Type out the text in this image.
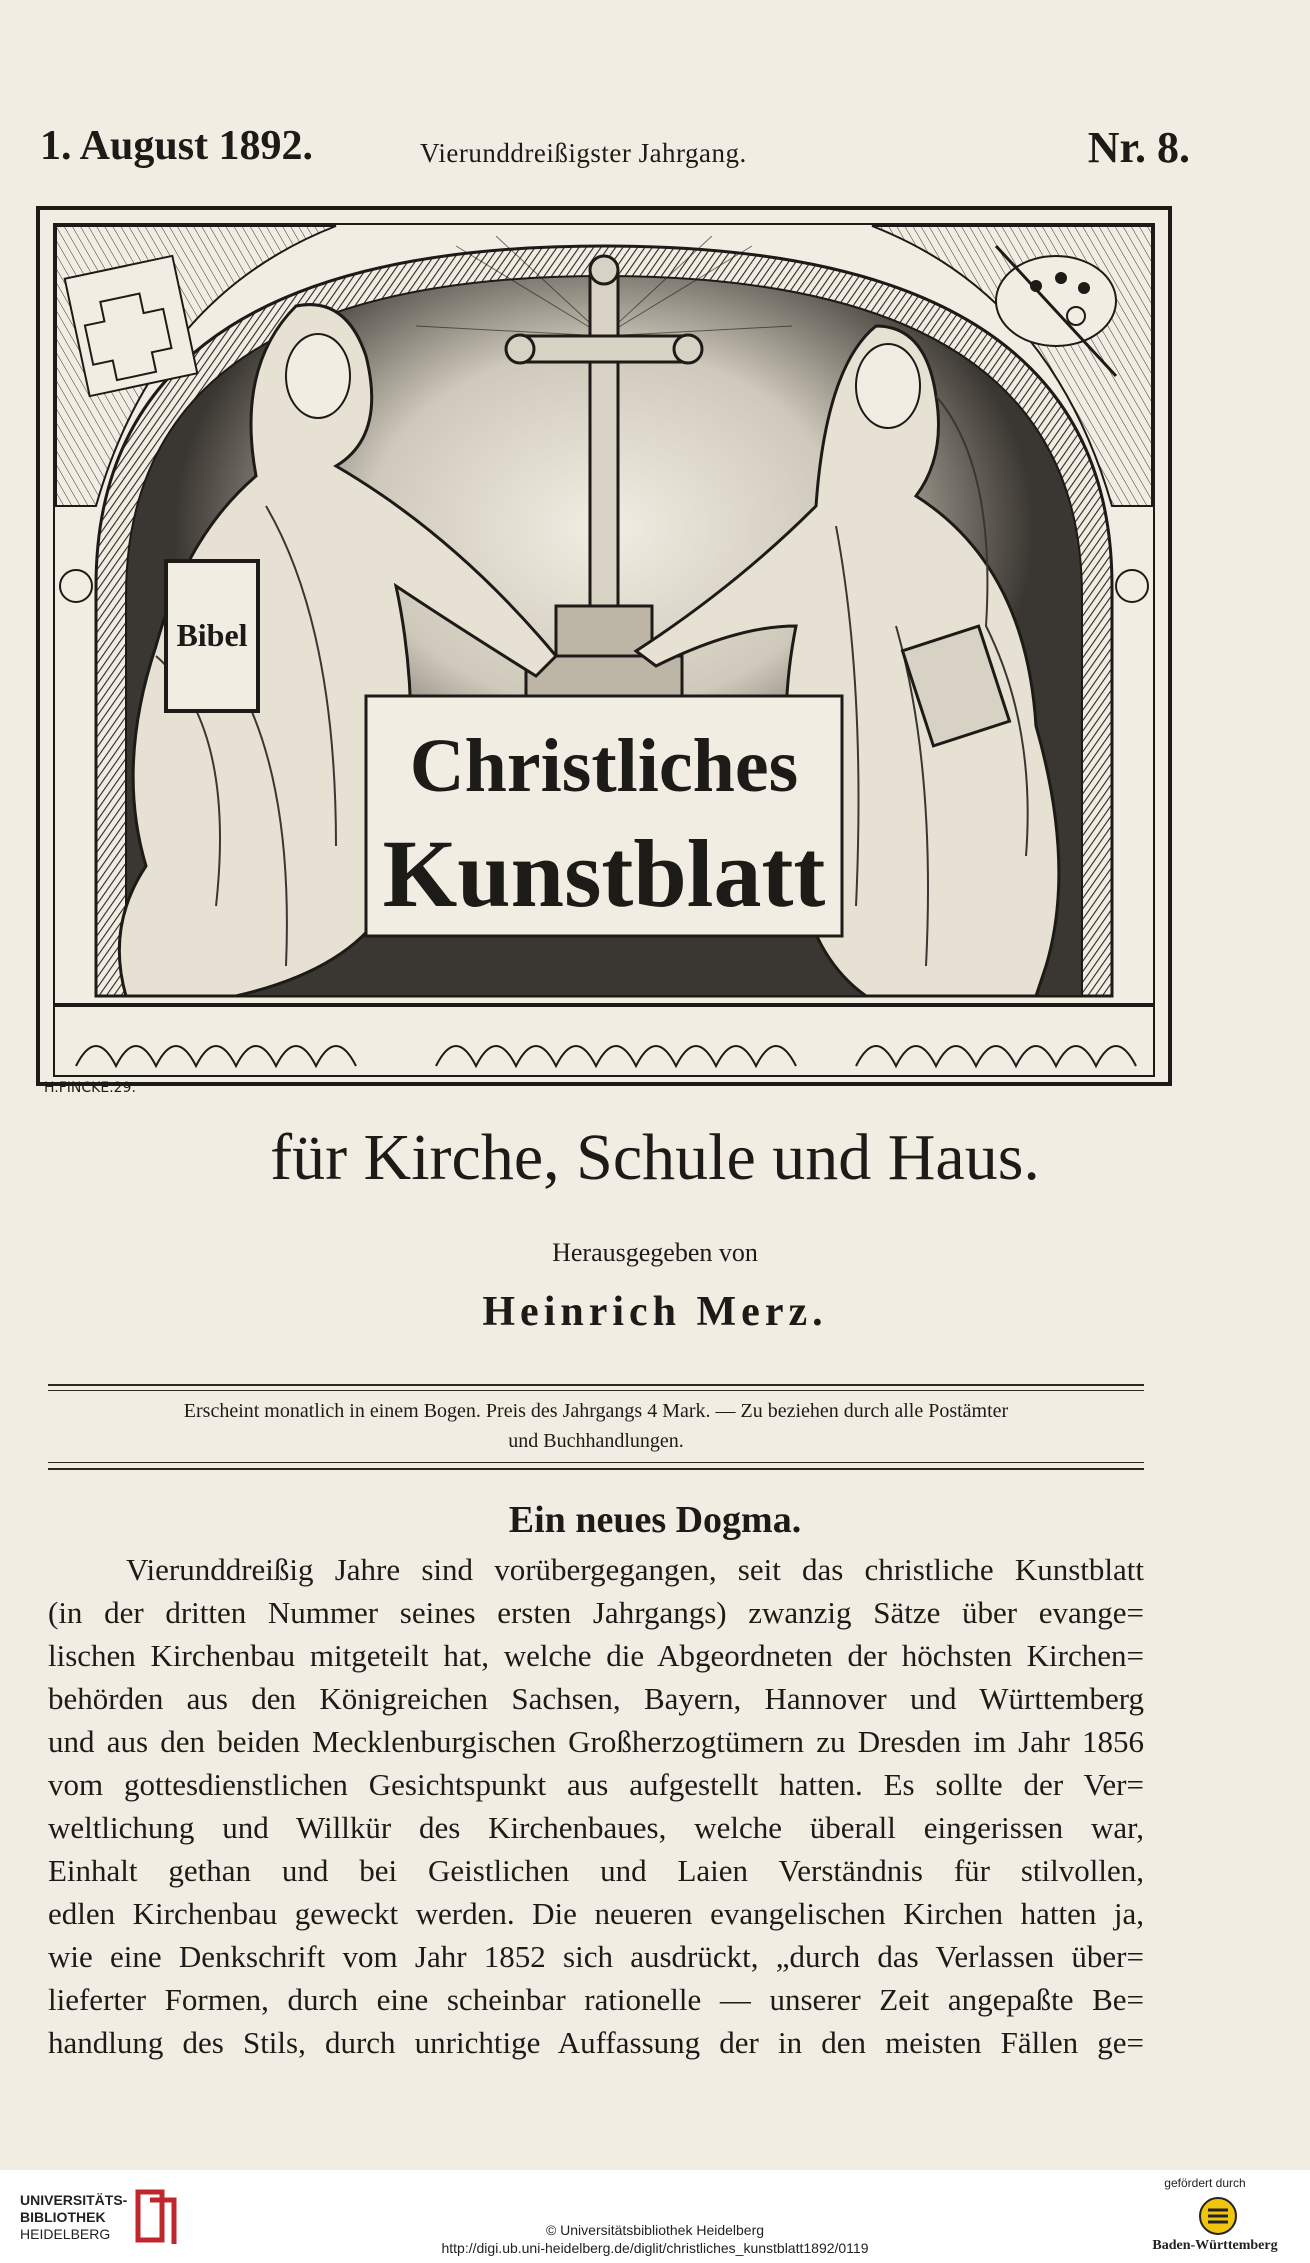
1. August 1892.	Vierunddreißigster Jahrgang.	Nr. 8.
Bibel
Christliches
Kunstblatt
H.FINCKE.29.
für Kirche, Schule und Haus.
Herausgegeben von
Heinrich Merz.
Erscheint monatlich in einem Bogen. Preis des Jahrgangs 4 Mark. — Zu beziehen durch alle Postämter
und Buchhandlungen.
Ein neues Dogma.
Vierunddreißig Jahre sind vorübergegangen, seit das christliche Kunstblatt
(in der dritten Nummer seines ersten Jahrgangs) zwanzig Sätze über evange=
lischen Kirchenbau mitgeteilt hat, welche die Abgeordneten der höchsten Kirchen=
behörden aus den Königreichen Sachsen, Bayern, Hannover und Württemberg
und aus den beiden Mecklenburgischen Großherzogtümern zu Dresden im Jahr 1856
vom gottesdienstlichen Gesichtspunkt aus aufgestellt hatten. Es sollte der Ver=
weltlichung und Willkür des Kirchenbaues, welche überall eingerissen war,
Einhalt gethan und bei Geistlichen und Laien Verständnis für stilvollen,
edlen Kirchenbau geweckt werden. Die neueren evangelischen Kirchen hatten ja,
wie eine Denkschrift vom Jahr 1852 sich ausdrückt, „durch das Verlassen über=
lieferter Formen, durch eine scheinbar rationelle — unserer Zeit angepaßte Be=
handlung des Stils, durch unrichtige Auffassung der in den meisten Fällen ge=
UNIVERSITÄTS-
BIBLIOTHEK
HEIDELBERG	© Universitätsbibliothek Heidelberg
http://digi.ub.uni-heidelberg.de/diglit/christliches_kunstblatt1892/0119
gefördert durch
Baden-Württemberg
